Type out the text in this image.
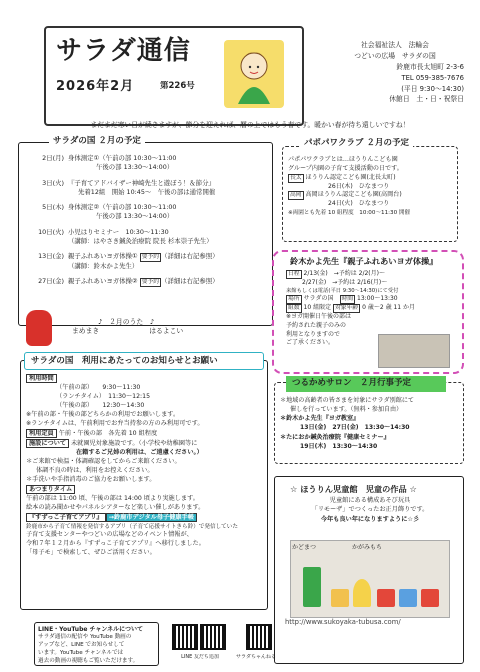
サラダ通信
2026年2月	第226号
社会福祉法人　法輪会
つどいの広場　サラダの国
鈴鹿市長太旭町 2-3-6
TEL 059-385-7676
(平日 9:30〜14:30)
休館日　土・日・祝祭日
まだまだ寒い日が続きますが、節分を迎えれば、暦の上ではもう春です。暖かい春が待ち遠しいですね！
サラダの国 ２月の予定
2日(月) 身体測定①（午前の部 10:30〜11:00
午後の部 13:30〜14:00）
3日(火) 『子育てアドバイザー神崎先生と遊ぼう！＆節分』
先着12組　開始 10:45〜　午後の部は通常開催
5日(木) 身体測定②（午前の部 10:30〜11:00
午後の部 13:30〜14:00）
10日(火) 小児はりセミナー　10:30〜11:30
（講師：はやさき鍼灸治療院 院長 杉本崇子先生）
13日(金) 親子ふれあいヨガ体操① 要予約 （詳細は右記参照）
（講師：鈴木かよ先生）
27日(金) 親子ふれあいヨガ体操② 要予約 （詳細は右記参照）
♪　２月のうた　♪
まめまき	はるよこい
サラダの国　利用にあたってのお知らせとお願い
利用時間
（午前の部）　　9:30〜11:30
（ランチタイム）　11:30〜12:15
（午後の部）　　12:30〜14:30
※午前の部・午後の部どちらかの利用でお願いします。
※ランチタイムは、午前利用でお弁当持参の方のみ利用可です。
利用定員 午前・午後の部　各先着 10 組程度
施設について 未就園児対象施設です。（小学校や幼稚園等に
在籍するご兄姉の利用は、ご遠慮ください。）
＊ご来館で検温・体調確認をしてからご来館ください。
体調不良の時は、利用をお控えください。
＊手洗いや手指消毒のご協力をお願いします。
あつまりタイム
午前の部は 11:00 頃、午後の部は 14:00 頃より実施します。
絵本の読み聞かせやパネルシアターなど楽しい催しがあります。
『すずっこ子育てアプリ』 →鈴鹿市デジタル母子健康手帳
鈴鹿市から子育て情報を発信するアプリ（子育て応援サイトきら鈴）で発信していた
子育て支援センターやつどいの広場などのイベント情報が、
令和７年１２月から『すずっこ子育てアプリ』へ移行しました。
「母子モ」で検索して、ぜひご活用ください。
LINE・YouTube チャンネルについて
サラダ通信の配信や YouTube 動画の
アップなど、LINE でお知らせして
います。YouTube チャンネルでは
過去の動画の視聴もご覧いただけます。
LINE 友だち追加	サラダちゃんねる
パポパワクラブ ２月の予定
パポパワクラブとは…ほうりんこども園
グループ内園の子育て支援活動の日です。
長太 ほうりん認定こども園(北長太町)
26日(木)　ひなまつり
高岡 高岡ほうりん認定こども園(高岡台)
24日(火)　ひなまつり
※両園とも先着 10 組程度　10:00〜11:30 開催
鈴木かよ先生『親子ふれあいヨガ体操』
日程 2/13(金)　→予約は 2/2(月)〜
2/27(金)　→予約は 2/16(月)〜
来館もしくは電話(平日 9:30〜14:30)にて受付
場所 サラダの国　 時間 13:00〜13:30
組数 10 組限定 対象年齢 0 歳〜2 歳 11 か月
※ヨガ開催日午後の部は
予約された親子のみの
利用となりますので
ご了承ください。
つるかめサロン　２月行事予定
＊地域の高齢者の皆さまを対象にサラダ別館にて
催しを行っています。（無料・参加自由）
＊鈴木かよ先生『ヨガ教室』
13日(金)　27日(金)　13:30〜14:30
＊たにおか鍼灸治療院『健康セミナー』
19日(木)　13:30〜14:30
☆ ほうりん児童館　児童の作品 ☆
児童館にある構成あそび玩具
「リモーザ」でつくったお正月飾りです。
今年も良い年になりますように☆彡
かどまつ	かがみもち
http://www.sukoyaka-tubusa.com/
